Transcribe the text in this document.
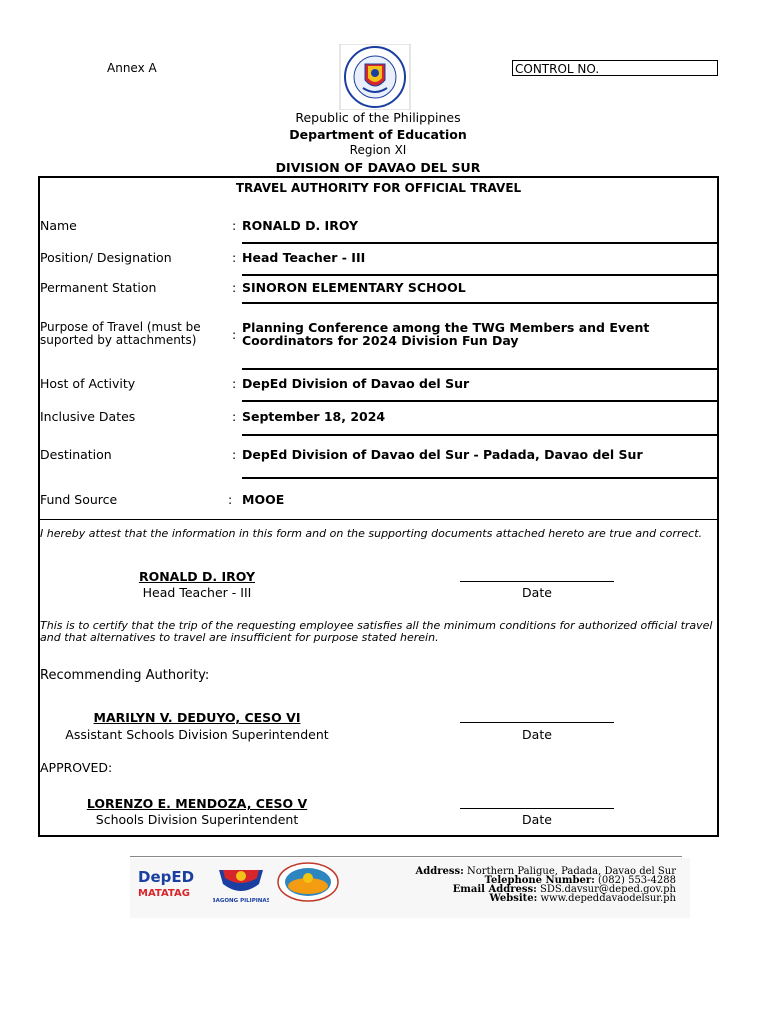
Annex A	CONTROL NO.
Republic of the Philippines
Department of Education
Region XI
DIVISION OF DAVAO DEL SUR
TRAVEL AUTHORITY FOR OFFICIAL TRAVEL
Name	: RONALD D. IROY
Position/ Designation	: Head Teacher - III
Permanent Station	: SINORON ELEMENTARY SCHOOL
Purpose of Travel (must be
suported by attachments)	: Planning Conference among the TWG Members and Event
Coordinators for 2024 Division Fun Day
Host of Activity	: DepEd Division of Davao del Sur
Inclusive Dates	: September 18, 2024
Destination	: DepEd Division of Davao del Sur - Padada, Davao del Sur
Fund Source	: MOOE
I hereby attest that the information in this form and on the supporting documents attached hereto are true and correct.
RONALD D. IROY
Head Teacher - III	Date
This is to certify that the trip of the requesting employee satisfies all the minimum conditions for authorized official travel and that alternatives to travel are insufficient for purpose stated herein.
Recommending Authority:
MARILYN V. DEDUYO, CESO VI
Assistant Schools Division Superintendent	Date
APPROVED:
LORENZO E. MENDOZA, CESO V
Schools Division Superintendent	Date
DepED
MATATAG
BAGONG PILIPINAS
Address: Northern Paligue, Padada, Davao del Sur
Telephone Number: (082) 553-4288
Email Address: SDS.davsur@deped.gov.ph
Website: www.depeddavaodelsur.ph
